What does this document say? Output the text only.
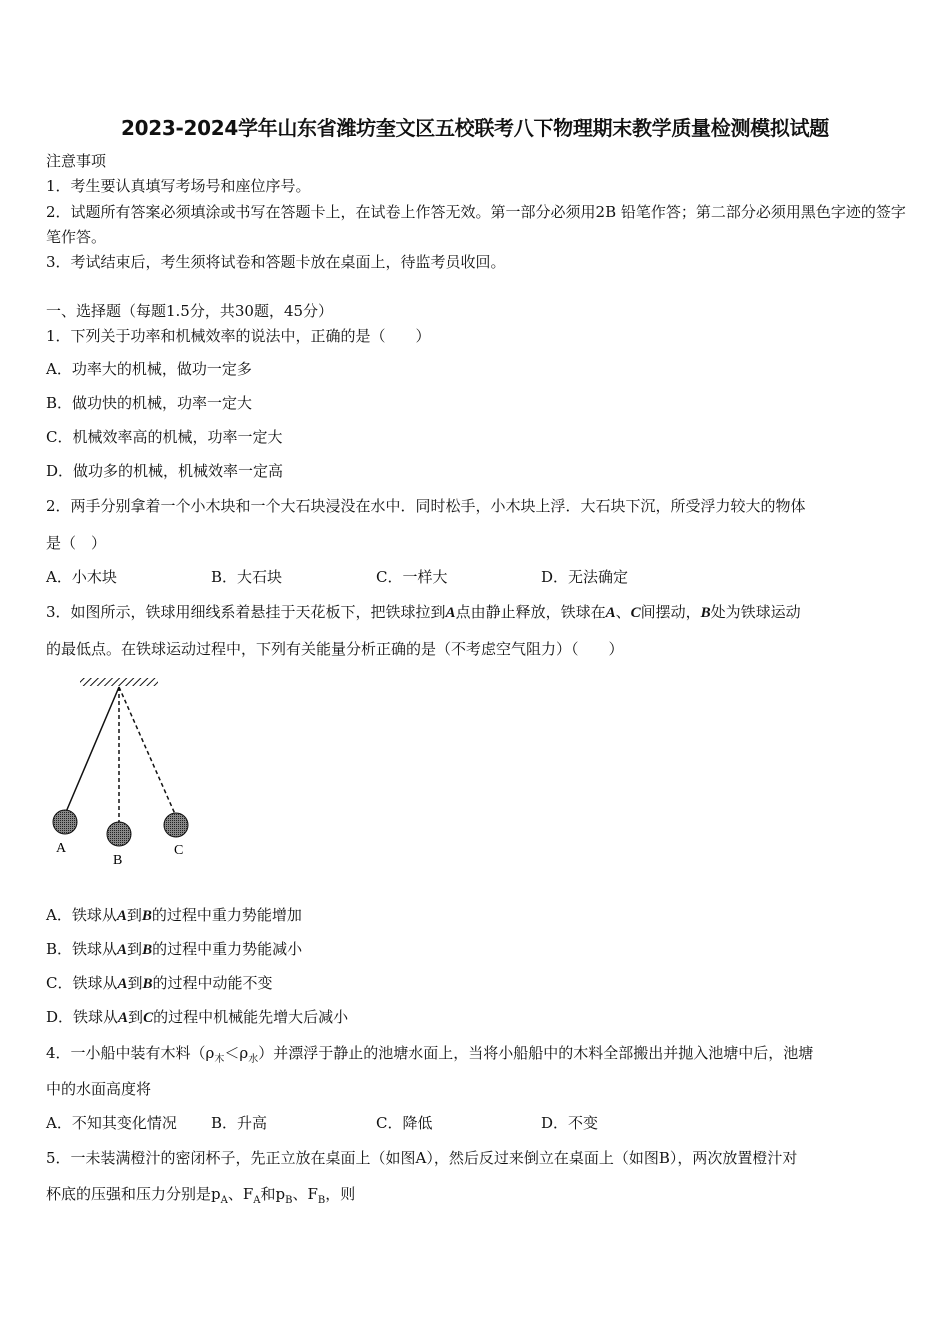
2023-2024学年山东省潍坊奎文区五校联考八下物理期末教学质量检测模拟试题
注意事项
1．考生要认真填写考场号和座位序号。
2．试题所有答案必须填涂或书写在答题卡上，在试卷上作答无效。第一部分必须用2B 铅笔作答；第二部分必须用黑色字迹的签字笔作答。
3．考试结束后，考生须将试卷和答题卡放在桌面上，待监考员收回。
一、选择题（每题1.5分，共30题，45分）
1．下列关于功率和机械效率的说法中，正确的是（　　）
A．功率大的机械，做功一定多
B．做功快的机械，功率一定大
C．机械效率高的机械，功率一定大
D．做功多的机械，机械效率一定高
2．两手分别拿着一个小木块和一个大石块浸没在水中．同时松手，小木块上浮．大石块下沉，所受浮力较大的物体
是（　）
A．小木块	B．大石块	C．一样大	D．无法确定
3．如图所示，铁球用细线系着悬挂于天花板下，把铁球拉到A点由静止释放，铁球在A、C间摆动，B处为铁球运动
的最低点。在铁球运动过程中，下列有关能量分析正确的是（不考虑空气阻力）（　　）
A
B
C
A．铁球从A到B的过程中重力势能增加
B．铁球从A到B的过程中重力势能减小
C．铁球从A到B的过程中动能不变
D．铁球从A到C的过程中机械能先增大后减小
4．一小船中装有木料$(\rho_木<\rho_水)$并漂浮于静止的池塘水面上，当将小船船中的木料全部搬出并抛入池塘中后，池塘
中的水面高度将
A．不知其变化情况 B．升高	C．降低	D．不变
5．一未装满橙汁的密闭杯子，先正立放在桌面上（如图A），然后反过来倒立在桌面上（如图B），两次放置橙汁对
杯底的压强和压力分别是$p_A$、$F_A$和$p_B$、$F_B$，则
